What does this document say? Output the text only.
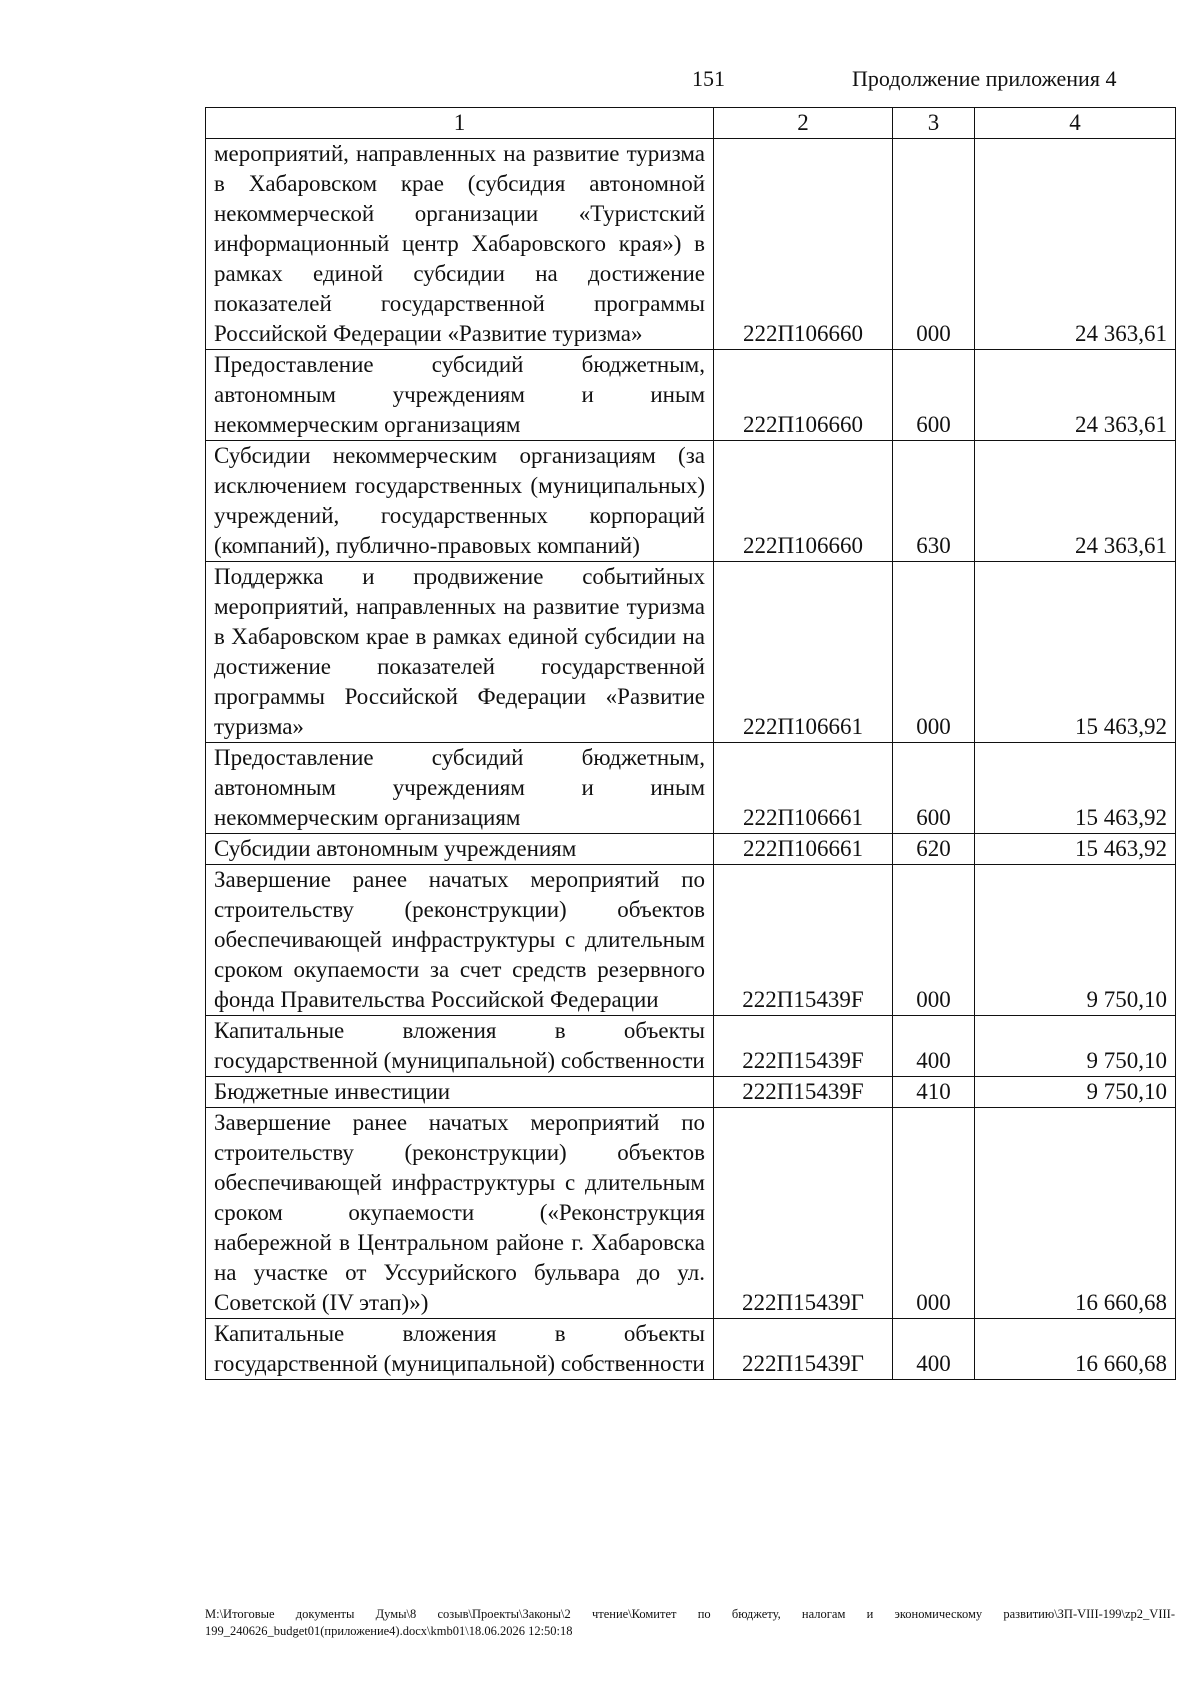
151	Продолжение приложения 4
1	2	3	4
мероприятий, направленных на развитие туризма в Хабаровском крае (субсидия автономной некоммерческой организации «Туристский информационный центр Хабаровского края») в рамках единой субсидии на достижение показателей государственной программы Российской Федерации «Развитие туризма»	222П106660	000	24 363,61
Предоставление субсидий бюджетным, автономным учреждениям и иным некоммерческим организациям	222П106660	600	24 363,61
Субсидии некоммерческим организациям (за исключением государственных (муниципальных) учреждений, государственных корпораций (компаний), публично-правовых компаний)	222П106660	630	24 363,61
Поддержка и продвижение событийных мероприятий, направленных на развитие туризма в Хабаровском крае в рамках единой субсидии на достижение показателей государственной программы Российской Федерации «Развитие туризма»	222П106661	000	15 463,92
Предоставление субсидий бюджетным, автономным учреждениям и иным некоммерческим организациям	222П106661	600	15 463,92
Субсидии автономным учреждениям	222П106661	620	15 463,92
Завершение ранее начатых мероприятий по строительству (реконструкции) объектов обеспечивающей инфраструктуры с длительным сроком окупаемости за счет средств резервного фонда Правительства Российской Федерации	222П15439F	000	9 750,10
Капитальные вложения в объекты государственной (муниципальной) собственности	222П15439F	400	9 750,10
Бюджетные инвестиции	222П15439F	410	9 750,10
Завершение ранее начатых мероприятий по строительству (реконструкции) объектов обеспечивающей инфраструктуры с длительным сроком окупаемости («Реконструкция набережной в Центральном районе г. Хабаровска на участке от Уссурийского бульвара до ул. Советской (IV этап)»)	222П15439Г	000	16 660,68
Капитальные вложения в объекты государственной (муниципальной) собственности	222П15439Г	400	16 660,68
M:\Итоговые документы Думы\8 созыв\Проекты\Законы\2 чтение\Комитет по бюджету, налогам и экономическому развитию\ЗП-VIII-199\zp2_VIII-199_240626_budget01(приложение4).docx\kmb01\18.06.2026 12:50:18
